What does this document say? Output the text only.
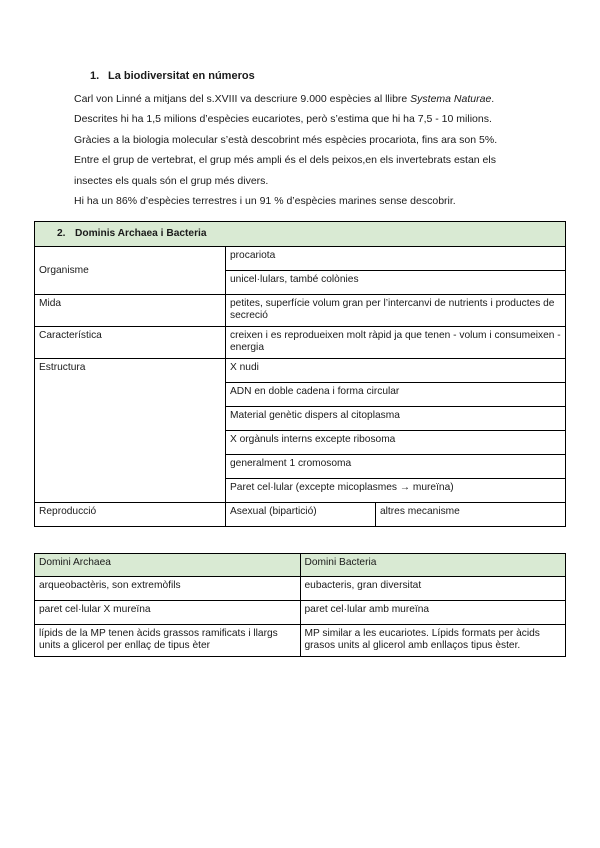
1. La biodiversitat en números

Carl von Linné a mitjans del s.XVIII va descriure 9.000 espècies al llibre Systema Naturae.

Descrites hi ha 1,5 milions d’espècies eucariotes, però s’estima que hi ha 7,5 - 10 milions.

Gràcies a la biologia molecular s’està descobrint més espècies procariota, fins ara son 5%.

Entre el grup de vertebrat, el grup més ampli és el dels peixos,en els invertebrats estan els

insectes els quals són el grup més divers.

Hi ha un 86% d’espècies terrestres i un 91 % d’espècies marines sense descobrir.

2. Dominis Archaea i Bacteria		
Organisme	procariota	
	unicel·lulars, també colònies	
Mida	petites, superfície volum gran per l’intercanvi de nutrients i productes de secreció	
Característica	creixen i es reprodueixen molt ràpid ja que tenen - volum i consumeixen - energia	
Estructura	X nudi	
	ADN en doble cadena i forma circular	
	Material genètic dispers al citoplasma	
	X orgànuls interns excepte ribosoma	
	generalment 1 cromosoma	
	Paret cel·lular (excepte micoplasmes → mureïna)	
Reproducció	Asexual (bipartició)	altres mecanisme
Domini Archaea	Domini Bacteria
arqueobactèris, son extremòfils	eubacteris, gran diversitat
paret cel·lular X mureïna	paret cel·lular amb mureïna
lípids de la MP tenen àcids grassos ramificats i llargs units a glicerol per enllaç de tipus èter	MP similar a les eucariotes. Lípids formats per àcids grasos units al glicerol amb enllaços tipus èster.
